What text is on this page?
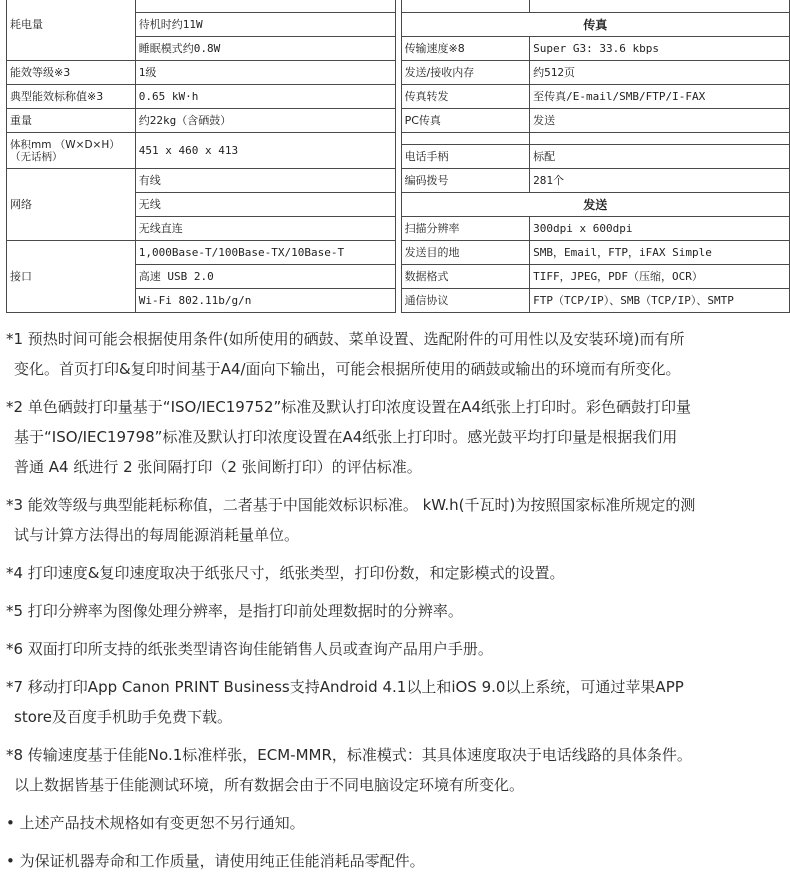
耗电量				
	待机时约11W		传真	
	睡眠模式约0.8W		传输速度※8	Super G3: 33.6 kbps
能效等级※3	1级		发送/接收内存	约512页
典型能效标称值※3	0.65 kW·h		传真转发	至传真/E-mail/SMB/FTP/I-FAX
重量	约22kg（含硒鼓）		PC传真	发送
体积mm （W×D×H）（无话柄）	451 x 460 x 413			
			电话手柄	标配
网络	有线		编码拨号	281个
	无线		发送	
	无线直连		扫描分辨率	300dpi x 600dpi
接口	1,000Base-T/100Base-TX/10Base-T		发送目的地	SMB，Email，FTP，iFAX Simple
	高速 USB 2.0		数据格式	TIFF，JPEG，PDF（压缩，OCR）
	Wi-Fi 802.11b/g/n		通信协议	FTP（TCP/IP）、SMB（TCP/IP）、SMTP

*1 预热时间可能会根据使用条件(如所使用的硒鼓、菜单设置、选配附件的可用性以及安装环境)而有所
变化。首页打印&复印时间基于A4/面向下输出，可能会根据所使用的硒鼓或输出的环境而有所变化。

*2 单色硒鼓打印量基于“ISO/IEC19752”标准及默认打印浓度设置在A4纸张上打印时。彩色硒鼓打印量
基于“ISO/IEC19798”标准及默认打印浓度设置在A4纸张上打印时。感光鼓平均打印量是根据我们用
普通 A4 纸进行 2 张间隔打印（2 张间断打印）的评估标准。

*3 能效等级与典型能耗标称值，二者基于中国能效标识标准。 kW.h(千瓦时)为按照国家标准所规定的测
试与计算方法得出的每周能源消耗量单位。

*4 打印速度&复印速度取决于纸张尺寸，纸张类型，打印份数，和定影模式的设置。

*5 打印分辨率为图像处理分辨率，是指打印前处理数据时的分辨率。

*6 双面打印所支持的纸张类型请咨询佳能销售人员或查询产品用户手册。

*7 移动打印App Canon PRINT Business支持Android 4.1以上和iOS 9.0以上系统，可通过苹果APP
store及百度手机助手免费下载。

*8 传输速度基于佳能No.1标准样张，ECM-MMR，标准模式：其具体速度取决于电话线路的具体条件。
以上数据皆基于佳能测试环境，所有数据会由于不同电脑设定环境有所变化。

• 上述产品技术规格如有变更恕不另行通知。

• 为保证机器寿命和工作质量，请使用纯正佳能消耗品零配件。
